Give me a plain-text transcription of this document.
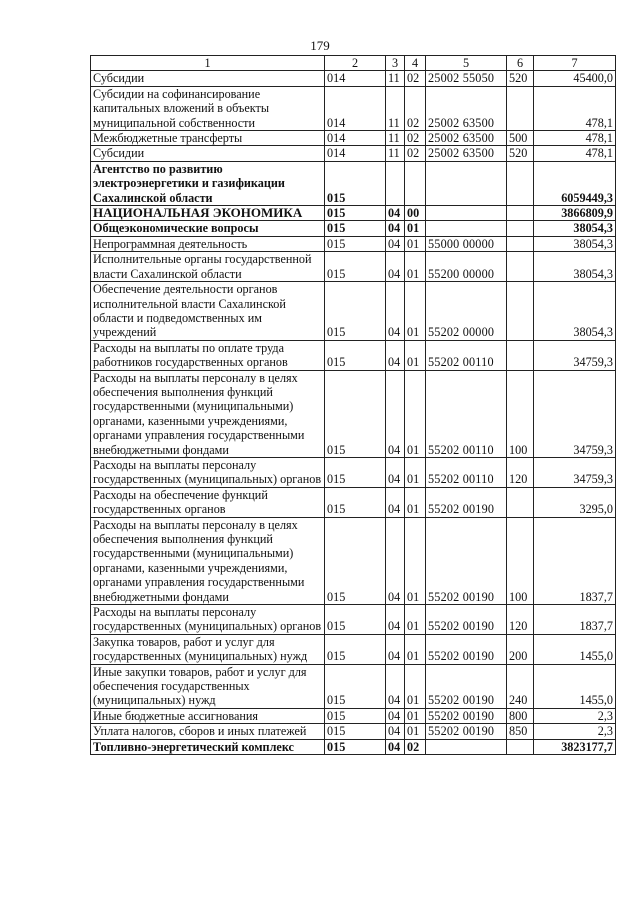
179
1	2	3	4	5	6	7
Субсидии	014	11	02	25002 55050	520	45400,0
Субсидии на софинансирование капитальных вложений в объекты муниципальной собственности	014	11	02	25002 63500		478,1
Межбюджетные трансферты	014	11	02	25002 63500	500	478,1
Субсидии	014	11	02	25002 63500	520	478,1
Агентство по развитию электроэнергетики и газификации Сахалинской области	015					6059449,3
НАЦИОНАЛЬНАЯ ЭКОНОМИКА	015	04	00			3866809,9
Общеэкономические вопросы	015	04	01			38054,3
Непрограммная деятельность	015	04	01	55000 00000		38054,3
Исполнительные органы государственной власти Сахалинской области	015	04	01	55200 00000		38054,3
Обеспечение деятельности органов исполнительной власти Сахалинской области и подведомственных им учреждений	015	04	01	55202 00000		38054,3
Расходы на выплаты по оплате труда работников государственных органов	015	04	01	55202 00110		34759,3
Расходы на выплаты персоналу в целях обеспечения выполнения функций государственными (муниципальными) органами, казенными учреждениями, органами управления государственными внебюджетными фондами	015	04	01	55202 00110	100	34759,3
Расходы на выплаты персоналу государственных (муниципальных) органов	015	04	01	55202 00110	120	34759,3
Расходы на обеспечение функций государственных органов	015	04	01	55202 00190		3295,0
Расходы на выплаты персоналу в целях обеспечения выполнения функций государственными (муниципальными) органами, казенными учреждениями, органами управления государственными внебюджетными фондами	015	04	01	55202 00190	100	1837,7
Расходы на выплаты персоналу государственных (муниципальных) органов	015	04	01	55202 00190	120	1837,7
Закупка товаров, работ и услуг для государственных (муниципальных) нужд	015	04	01	55202 00190	200	1455,0
Иные закупки товаров, работ и услуг для обеспечения государственных (муниципальных) нужд	015	04	01	55202 00190	240	1455,0
Иные бюджетные ассигнования	015	04	01	55202 00190	800	2,3
Уплата налогов, сборов и иных платежей	015	04	01	55202 00190	850	2,3
Топливно-энергетический комплекс	015	04	02			3823177,7
